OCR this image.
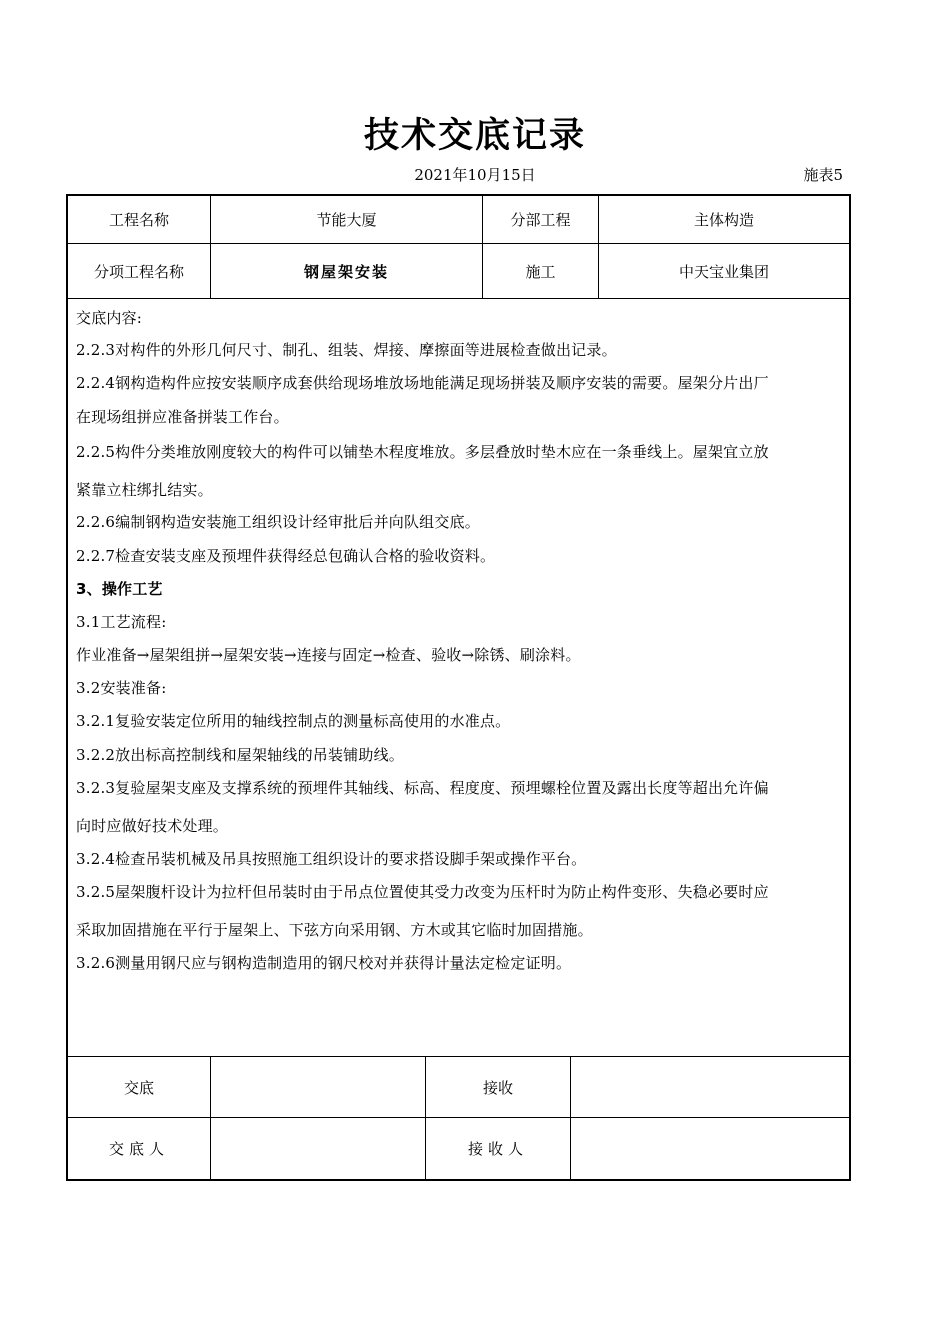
技术交底记录
2021年10月15日	施表5
工程名称	节能大厦	分部工程	主体构造
分项工程名称	钢屋架安装	施工	中天宝业集团

交底内容:

2.2.3对构件的外形几何尺寸、制孔、组装、焊接、摩擦面等进展检查做出记录。

2.2.4钢构造构件应按安装顺序成套供给现场堆放场地能满足现场拼装及顺序安装的需要。屋架分片出厂

在现场组拼应准备拼装工作台。

2.2.5构件分类堆放刚度较大的构件可以铺垫木程度堆放。多层叠放时垫木应在一条垂线上。屋架宜立放

紧靠立柱绑扎结实。

2.2.6编制钢构造安装施工组织设计经审批后并向队组交底。

2.2.7检查安装支座及预埋件获得经总包确认合格的验收资料。

3、操作工艺

3.1工艺流程:

作业准备→屋架组拼→屋架安装→连接与固定→检查、验收→除锈、刷涂料。

3.2安装准备:

3.2.1复验安装定位所用的轴线控制点的测量标高使用的水准点。

3.2.2放出标高控制线和屋架轴线的吊装铺助线。

3.2.3复验屋架支座及支撑系统的预埋件其轴线、标高、程度度、预埋螺栓位置及露出长度等超出允许偏

向时应做好技术处理。

3.2.4检查吊装机械及吊具按照施工组织设计的要求搭设脚手架或操作平台。

3.2.5屋架腹杆设计为拉杆但吊装时由于吊点位置使其受力改变为压杆时为防止构件变形、失稳必要时应

采取加固措施在平行于屋架上、下弦方向采用钢、方木或其它临时加固措施。

3.2.6测量用钢尺应与钢构造制造用的钢尺校对并获得计量法定检定证明。

交底	接收
交底人	接收人
